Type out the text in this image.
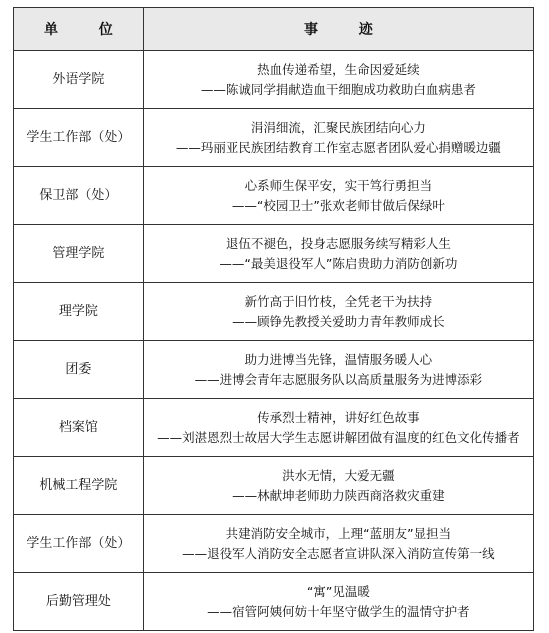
单 位	事 迹
外语学院
热血传递希望，生命因爱延续
——陈诚同学捐献造血干细胞成功救助白血病患者
学生工作部（处）
涓涓细流，汇聚民族团结向心力
——玛丽亚民族团结教育工作室志愿者团队爱心捐赠暖边疆
保卫部（处）
心系师生保平安，实干笃行勇担当
——“校园卫士”张欢老师甘做后保绿叶
管理学院
退伍不褪色，投身志愿服务续写精彩人生
——“最美退役军人”陈启贵助力消防创新功
理学院
新竹高于旧竹枝，全凭老干为扶持
——顾铮先教授关爱助力青年教师成长
团委
助力进博当先锋，温情服务暖人心
——进博会青年志愿服务队以高质量服务为进博添彩
档案馆
传承烈士精神，讲好红色故事
——刘湛恩烈士故居大学生志愿讲解团做有温度的红色文化传播者
机械工程学院
洪水无情，大爱无疆
——林献坤老师助力陕西商洛救灾重建
学生工作部（处）
共建消防安全城市，上理“蓝朋友”显担当
——退役军人消防安全志愿者宣讲队深入消防宣传第一线
后勤管理处
“寓”见温暖
——宿管阿姨何妨十年坚守做学生的温情守护者
